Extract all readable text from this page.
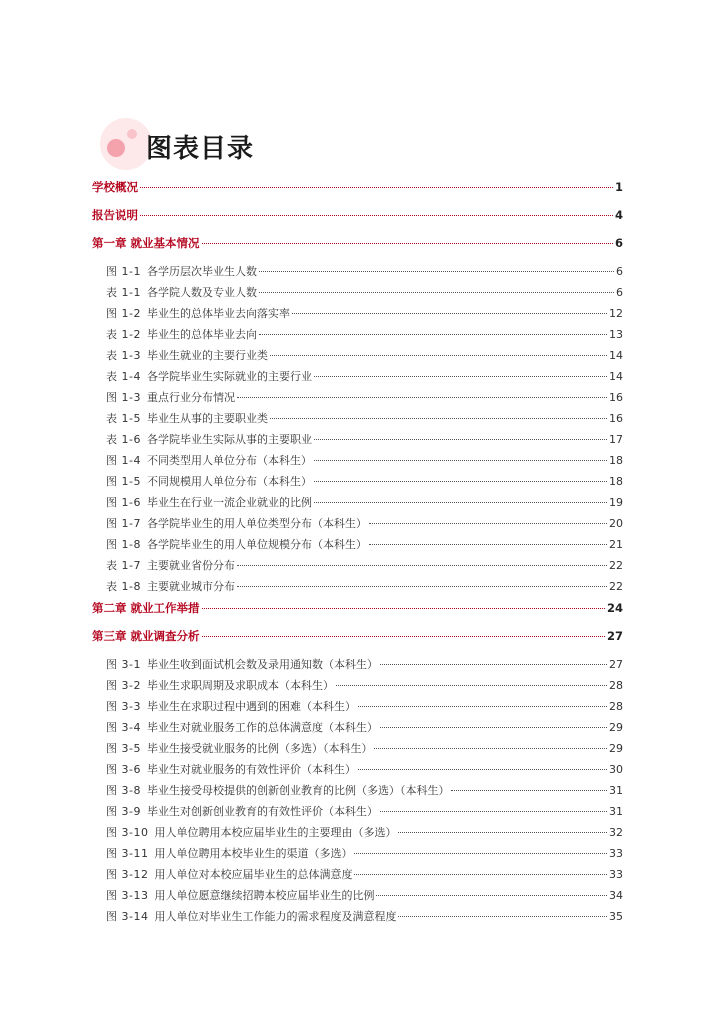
图表目录
学校概况	1
报告说明	4
第一章 就业基本情况	6
图 1-1 各学历层次毕业生人数	6
表 1-1 各学院人数及专业人数	6
图 1-2 毕业生的总体毕业去向落实率	12
表 1-2 毕业生的总体毕业去向	13
表 1-3 毕业生就业的主要行业类	14
表 1-4 各学院毕业生实际就业的主要行业	14
图 1-3 重点行业分布情况	16
表 1-5 毕业生从事的主要职业类	16
表 1-6 各学院毕业生实际从事的主要职业	17
图 1-4 不同类型用人单位分布（本科生）	18
图 1-5 不同规模用人单位分布（本科生）	18
图 1-6 毕业生在行业一流企业就业的比例	19
图 1-7 各学院毕业生的用人单位类型分布（本科生）	20
图 1-8 各学院毕业生的用人单位规模分布（本科生）	21
表 1-7 主要就业省份分布	22
表 1-8 主要就业城市分布	22
第二章 就业工作举措	24
第三章 就业调查分析	27
图 3-1 毕业生收到面试机会数及录用通知数（本科生）	27
图 3-2 毕业生求职周期及求职成本（本科生）	28
图 3-3 毕业生在求职过程中遇到的困难（本科生）	28
图 3-4 毕业生对就业服务工作的总体满意度（本科生）	29
图 3-5 毕业生接受就业服务的比例（多选）（本科生）	29
图 3-6 毕业生对就业服务的有效性评价（本科生）	30
图 3-8 毕业生接受母校提供的创新创业教育的比例（多选）（本科生）	31
图 3-9 毕业生对创新创业教育的有效性评价（本科生）	31
图 3-10 用人单位聘用本校应届毕业生的主要理由（多选）	32
图 3-11 用人单位聘用本校毕业生的渠道（多选）	33
图 3-12 用人单位对本校应届毕业生的总体满意度	33
图 3-13 用人单位愿意继续招聘本校应届毕业生的比例	34
图 3-14 用人单位对毕业生工作能力的需求程度及满意程度	35
